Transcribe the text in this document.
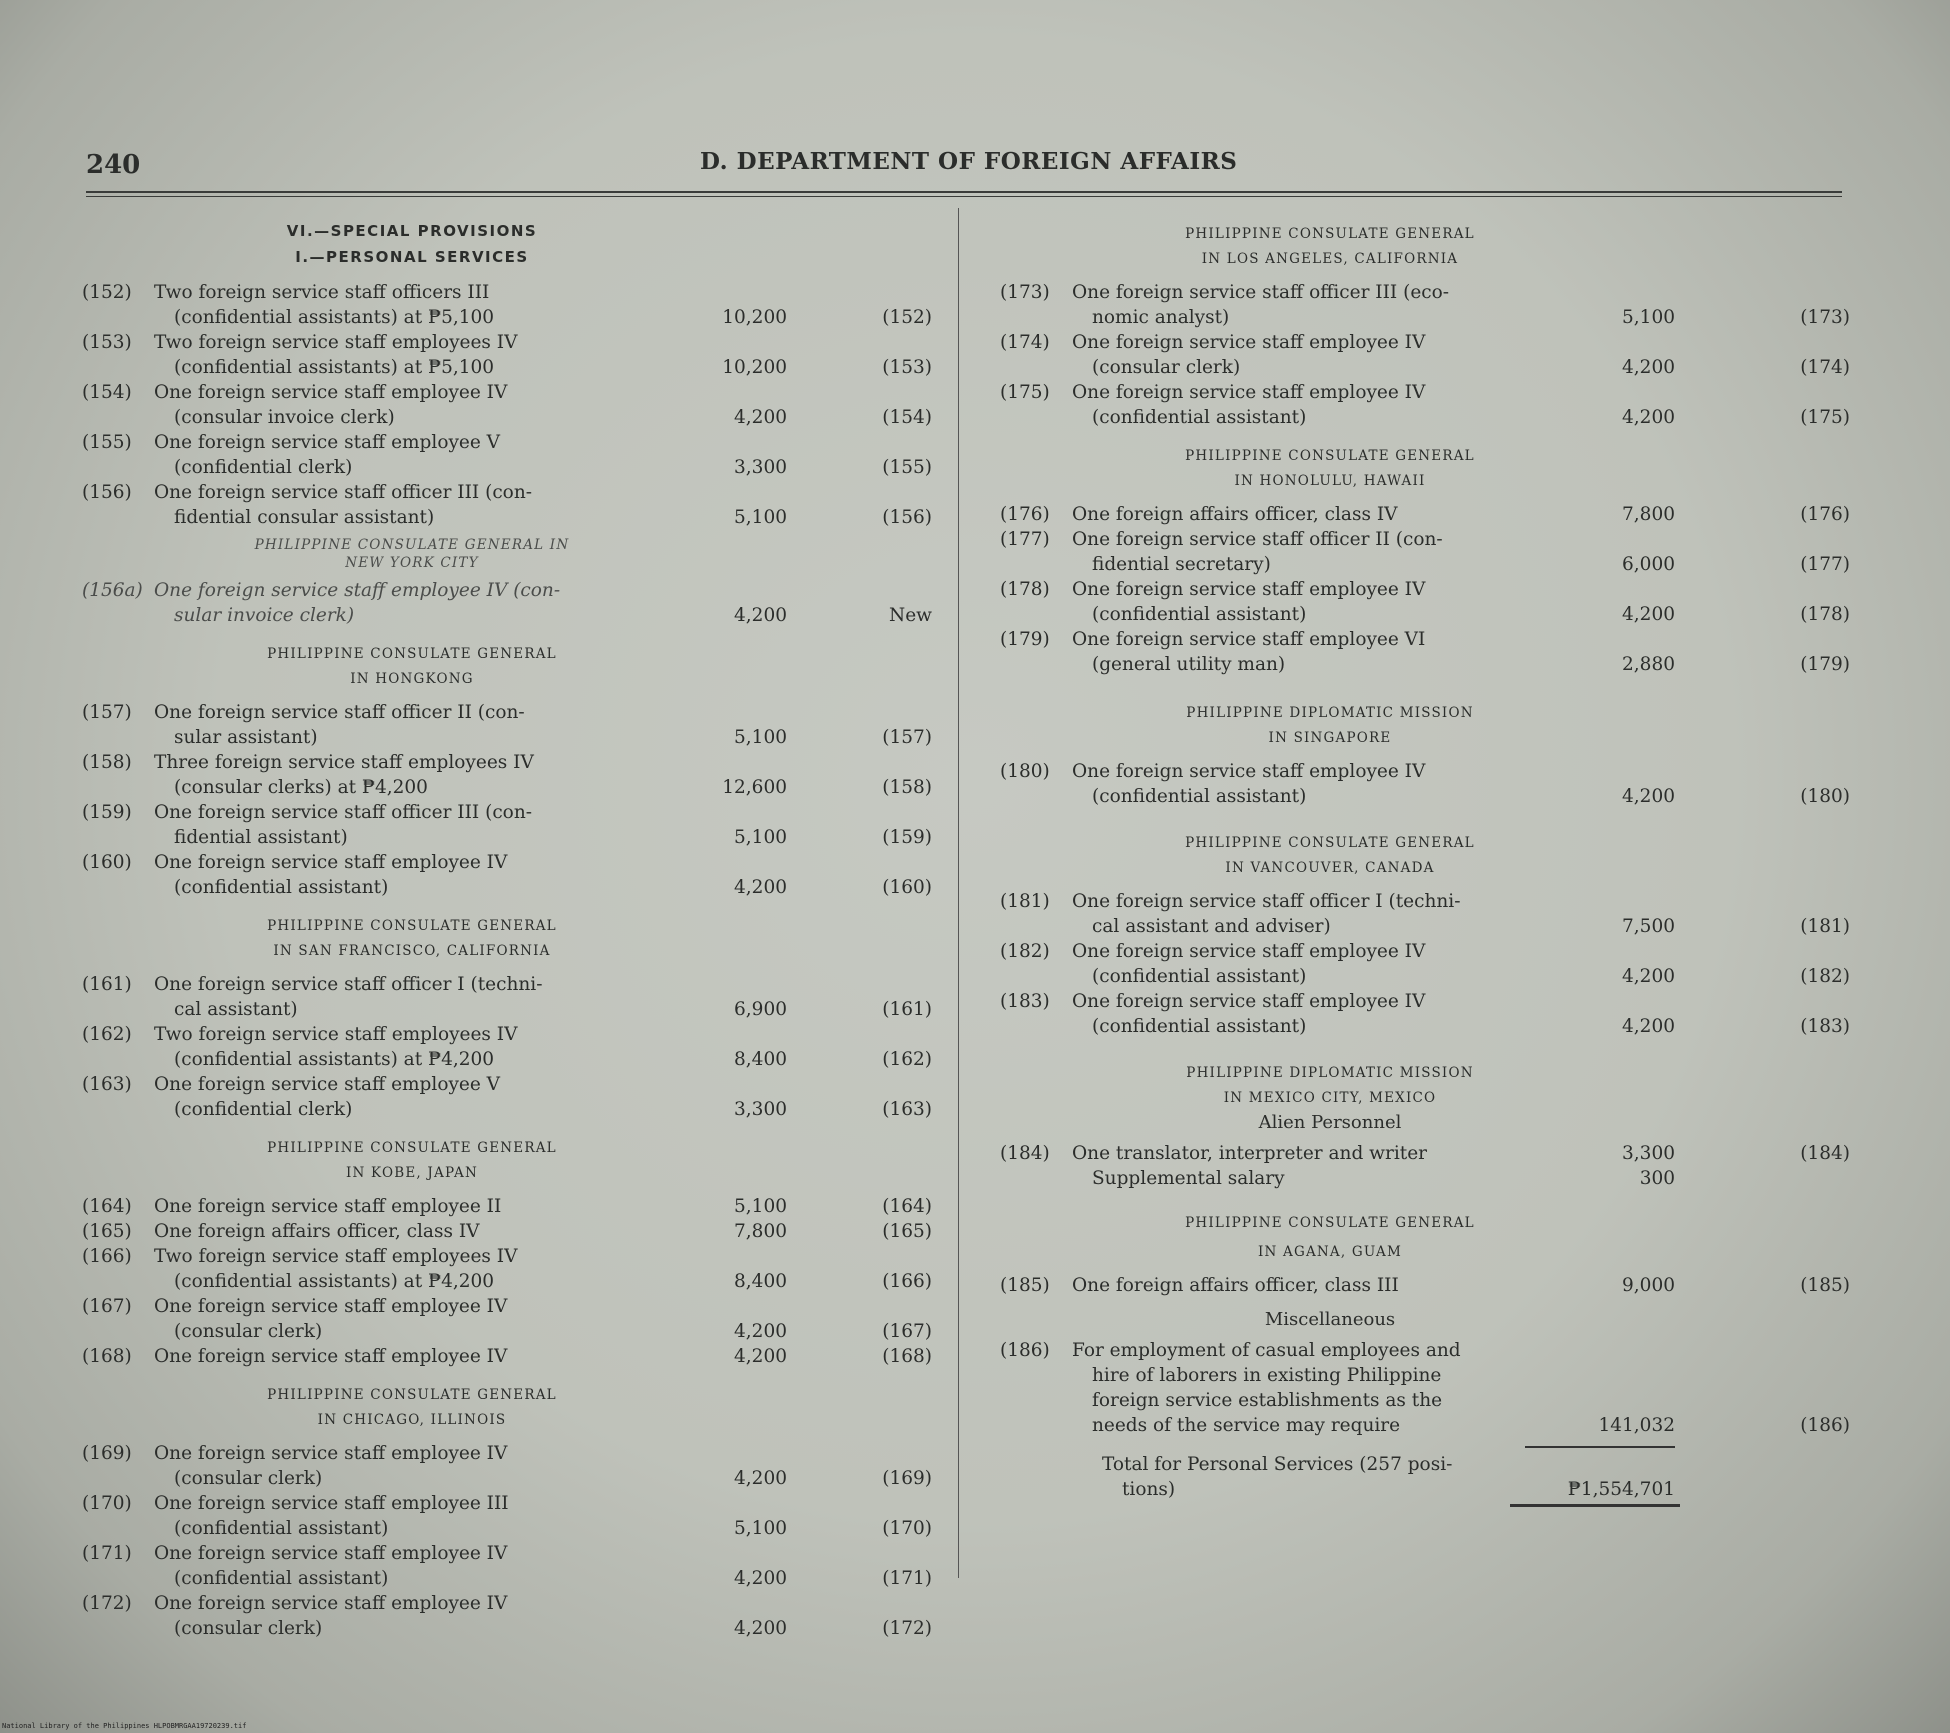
240	D. DEPARTMENT OF FOREIGN AFFAIRS
VI.—SPECIAL PROVISIONS
I.—PERSONAL SERVICES
(152) Two foreign service staff officers III
(confidential assistants) at ₱5,100	10,200	(152)
(153) Two foreign service staff employees IV
(confidential assistants) at ₱5,100	10,200	(153)
(154) One foreign service staff employee IV
(consular invoice clerk)	4,200	(154)
(155) One foreign service staff employee V
(confidential clerk)	3,300	(155)
(156) One foreign service staff officer III (con-
fidential consular assistant)	5,100	(156)
PHILIPPINE CONSULATE GENERAL IN
NEW YORK CITY
(156a) One foreign service staff employee IV (con-
sular invoice clerk)	4,200	New
PHILIPPINE CONSULATE GENERAL
IN HONGKONG
(157) One foreign service staff officer II (con-
sular assistant)	5,100	(157)
(158) Three foreign service staff employees IV
(consular clerks) at ₱4,200	12,600	(158)
(159) One foreign service staff officer III (con-
fidential assistant)	5,100	(159)
(160) One foreign service staff employee IV
(confidential assistant)	4,200	(160)
PHILIPPINE CONSULATE GENERAL
IN SAN FRANCISCO, CALIFORNIA
(161) One foreign service staff officer I (techni-
cal assistant)	6,900	(161)
(162) Two foreign service staff employees IV
(confidential assistants) at ₱4,200	8,400	(162)
(163) One foreign service staff employee V
(confidential clerk)	3,300	(163)
PHILIPPINE CONSULATE GENERAL
IN KOBE, JAPAN
(164) One foreign service staff employee II	5,100	(164)
(165) One foreign affairs officer, class IV	7,800	(165)
(166) Two foreign service staff employees IV
(confidential assistants) at ₱4,200	8,400	(166)
(167) One foreign service staff employee IV
(consular clerk)	4,200	(167)
(168) One foreign service staff employee IV	4,200	(168)
PHILIPPINE CONSULATE GENERAL
IN CHICAGO, ILLINOIS
(169) One foreign service staff employee IV
(consular clerk)	4,200	(169)
(170) One foreign service staff employee III
(confidential assistant)	5,100	(170)
(171) One foreign service staff employee IV
(confidential assistant)	4,200	(171)
(172) One foreign service staff employee IV
(consular clerk)	4,200	(172)
PHILIPPINE CONSULATE GENERAL
IN LOS ANGELES, CALIFORNIA
(173) One foreign service staff officer III (eco-
nomic analyst)	5,100	(173)
(174) One foreign service staff employee IV
(consular clerk)	4,200	(174)
(175) One foreign service staff employee IV
(confidential assistant)	4,200	(175)
PHILIPPINE CONSULATE GENERAL
IN HONOLULU, HAWAII
(176) One foreign affairs officer, class IV	7,800	(176)
(177) One foreign service staff officer II (con-
fidential secretary)	6,000	(177)
(178) One foreign service staff employee IV
(confidential assistant)	4,200	(178)
(179) One foreign service staff employee VI
(general utility man)	2,880	(179)
PHILIPPINE DIPLOMATIC MISSION
IN SINGAPORE
(180) One foreign service staff employee IV
(confidential assistant)	4,200	(180)
PHILIPPINE CONSULATE GENERAL
IN VANCOUVER, CANADA
(181) One foreign service staff officer I (techni-
cal assistant and adviser)	7,500	(181)
(182) One foreign service staff employee IV
(confidential assistant)	4,200	(182)
(183) One foreign service staff employee IV
(confidential assistant)	4,200	(183)
PHILIPPINE DIPLOMATIC MISSION
IN MEXICO CITY, MEXICO
Alien Personnel
(184) One translator, interpreter and writer	3,300	(184)
Supplemental salary	300
PHILIPPINE CONSULATE GENERAL
IN AGANA, GUAM
(185) One foreign affairs officer, class III	9,000	(185)
Miscellaneous
(186) For employment of casual employees and
hire of laborers in existing Philippine
foreign service establishments as the
needs of the service may require	141,032	(186)
Total for Personal Services (257 posi-
tions)	₱1,554,701
National Library of the Philippines HLPOBMRGAA19720239.tif
